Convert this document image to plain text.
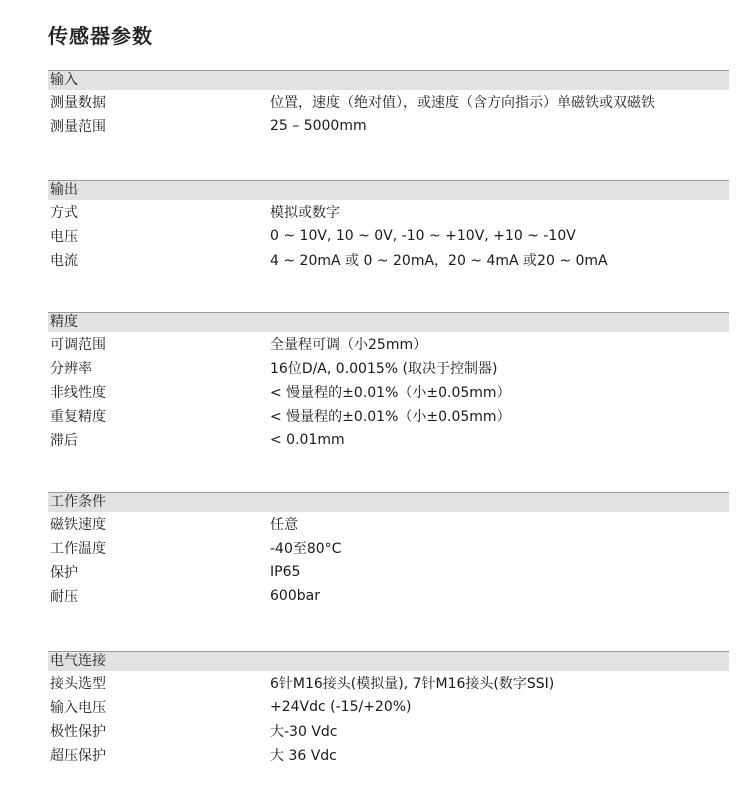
传感器参数
输入
测量数据	位置，速度（绝对值），或速度（含方向指示）单磁铁或双磁铁
测量范围	25 – 5000mm
输出
方式	模拟或数字
电压	0 ~ 10V, 10 ~ 0V, -10 ~ +10V, +10 ~ -10V
电流	4 ~ 20mA 或 0 ~ 20mA，20 ~ 4mA 或20 ~ 0mA
精度
可调范围	全量程可调（小25mm）
分辨率	16位D/A, 0.0015% (取决于控制器)
非线性度	< 慢量程的±0.01%（小±0.05mm）
重复精度	< 慢量程的±0.01%（小±0.05mm）
滞后	< 0.01mm
工作条件
磁铁速度	任意
工作温度	-40至80°C
保护	IP65
耐压	600bar
电气连接
接头选型	6针M16接头(模拟量), 7针M16接头(数字SSI)
输入电压	+24Vdc (-15/+20%)
极性保护	大-30 Vdc
超压保护	大 36 Vdc
